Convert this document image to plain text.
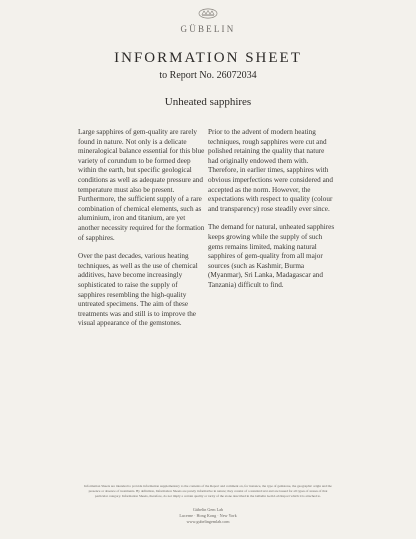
GÜBELIN
INFORMATION SHEET
to Report No. 26072034
Unheated sapphires

Large sapphires of gem-quality are rarely found in nature. Not only is a delicate mineralogical balance essential for this blue variety of corundum to be formed deep within the earth, but specific geological conditions as well as adequate pressure and temperature must also be present. Furthermore, the sufficient supply of a rare combination of chemical elements, such as aluminium, iron and titanium, are yet another necessity required for the formation of sapphires.

Over the past decades, various heating techniques, as well as the use of chemical additives, have become increasingly sophisticated to raise the supply of sapphires resembling the high-quality untreated specimens. The aim of these treatments was and still is to improve the visual appearance of the gemstones.

Prior to the advent of modern heating techniques, rough sapphires were cut and polished retaining the quality that nature had originally endowed them with. Therefore, in earlier times, sapphires with obvious imperfections were considered and accepted as the norm. However, the expectations with respect to quality (colour and transparency) rose steadily ever since.

The demand for natural, unheated sapphires keeps growing while the supply of such gems remains limited, making natural sapphires of gem-quality from all major sources (such as Kashmir, Burma (Myanmar), Sri Lanka, Madagascar and Tanzania) difficult to find.

Information Sheets are intended to provide information supplementary to the contents of the Report and comment on, for instance, the type of gemstone, the geographic origin and the presence or absence of treatments. By definition, Information Sheets are purely informative in nature; they consist of a standard text and are issued for all types of stones of that particular category. Information Sheets, therefore, do not imply a certain quality or rarity of the stone described in the Gübelin Gem Lab Report which it is attached to.
Gübelin Gem Lab
Lucerne · Hong Kong · New York
www.gubelingemlab.com
